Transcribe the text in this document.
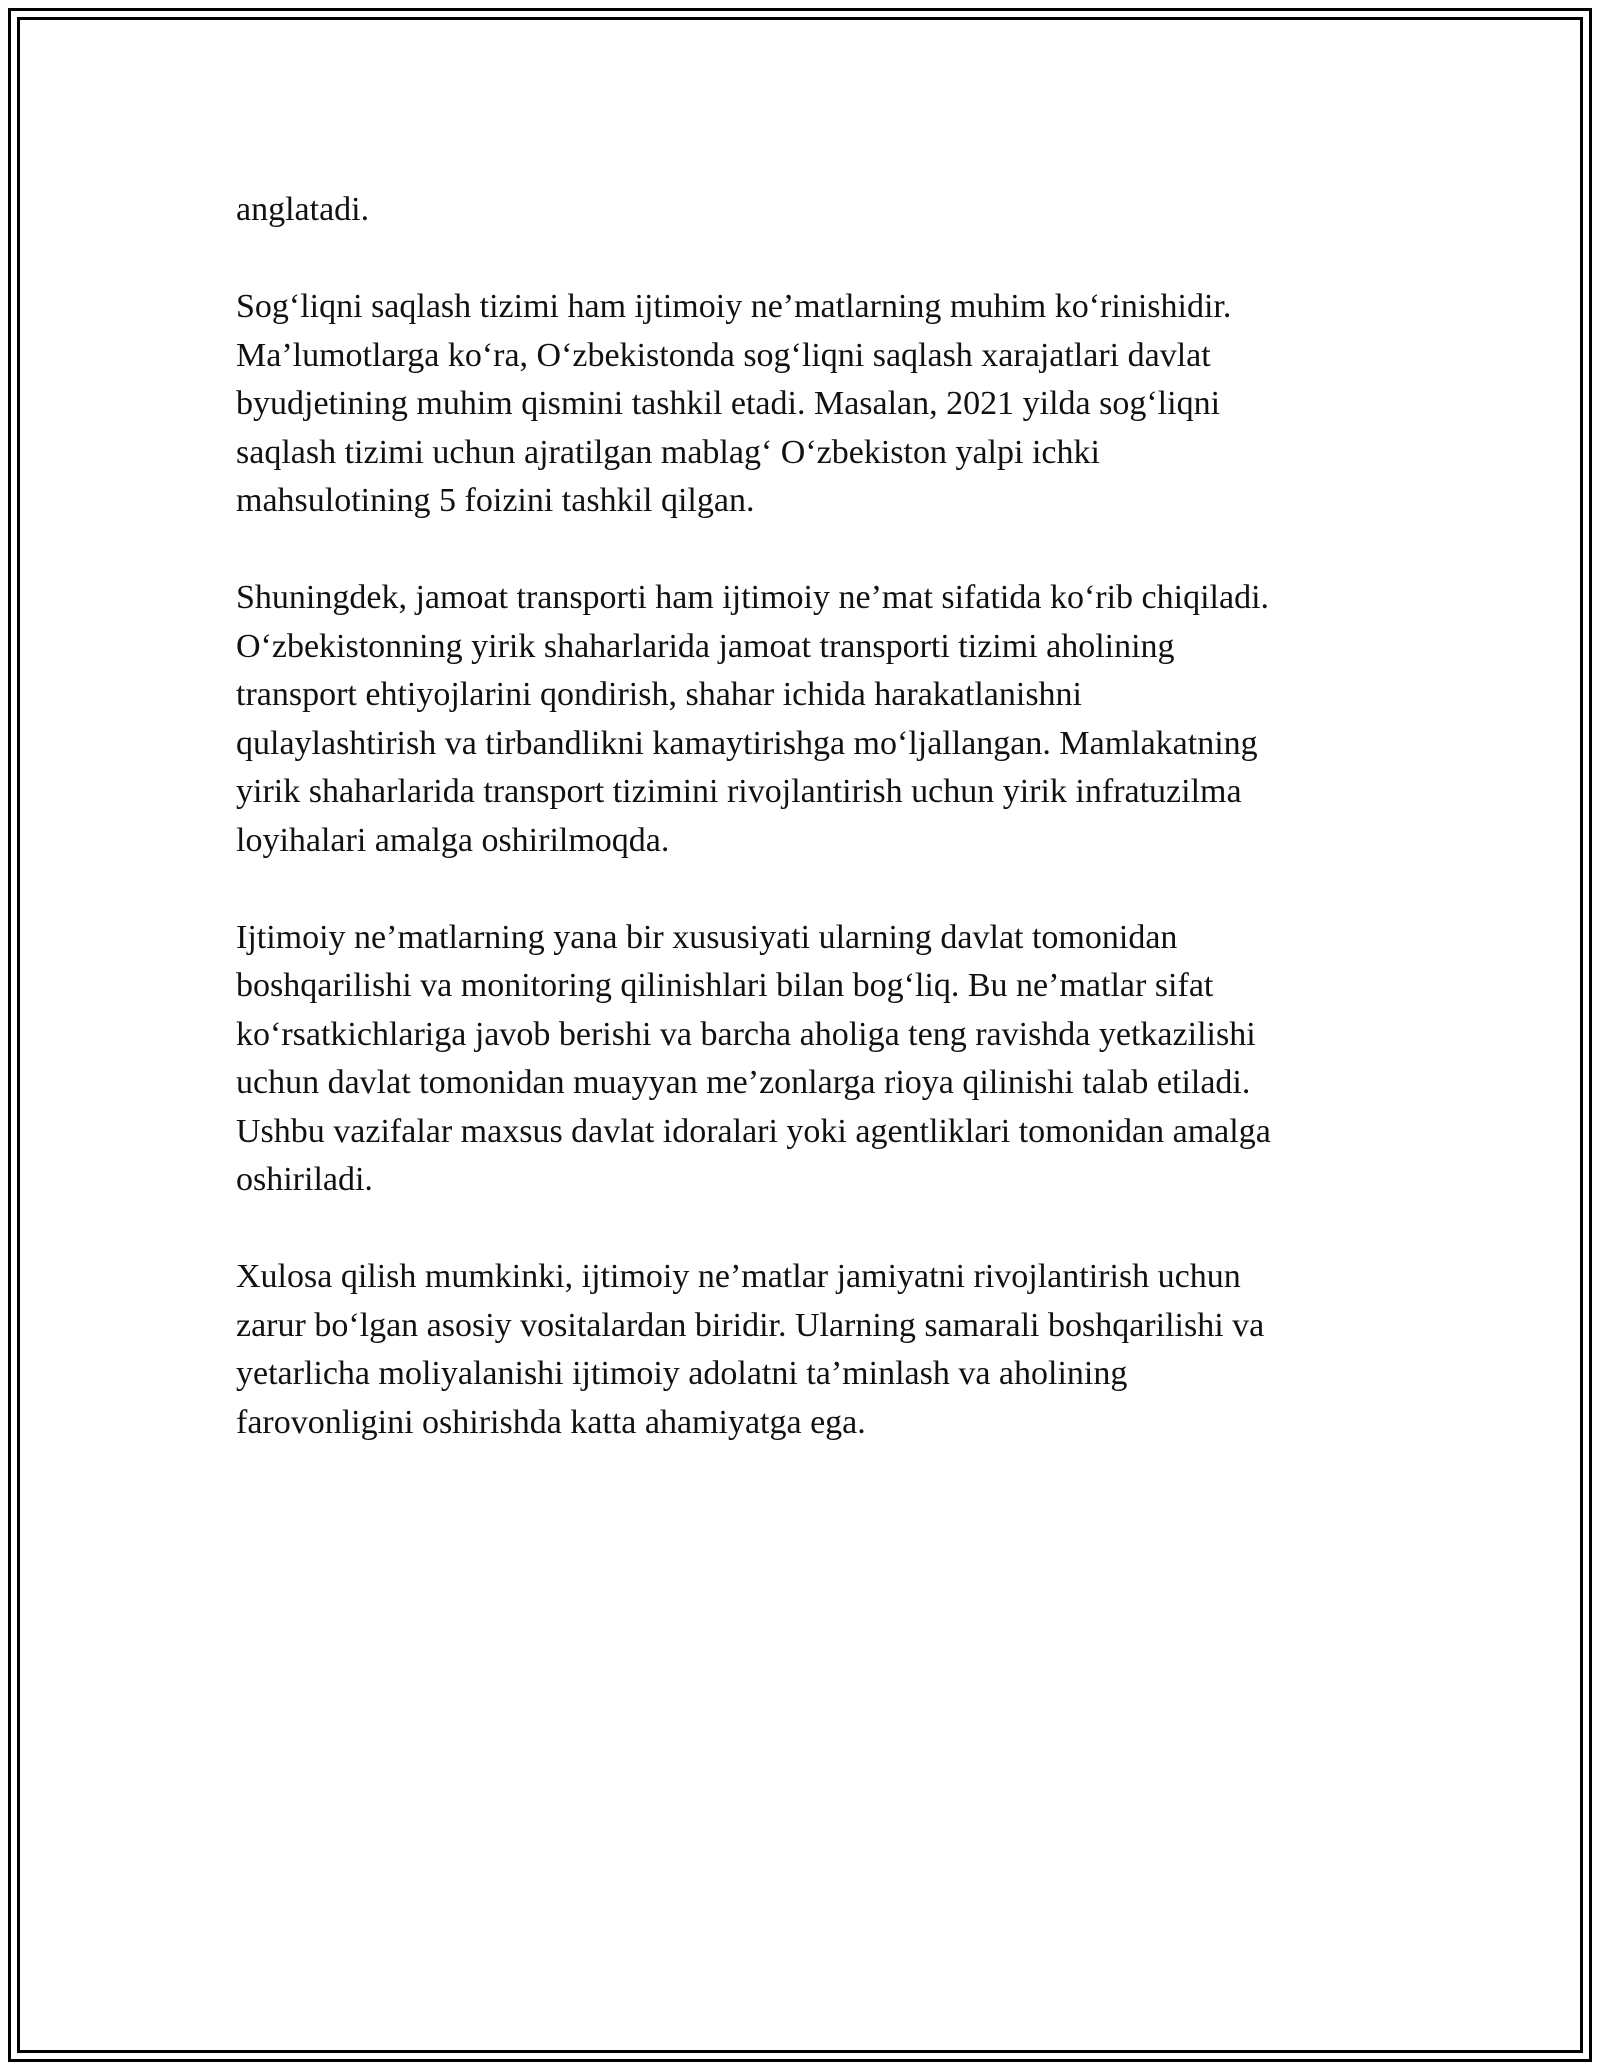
anglatadi.

Sog‘liqni saqlash tizimi ham ijtimoiy ne’matlarning muhim ko‘rinishidir.
Ma’lumotlarga ko‘ra, O‘zbekistonda sog‘liqni saqlash xarajatlari davlat
byudjetining muhim qismini tashkil etadi. Masalan, 2021 yilda sog‘liqni
saqlash tizimi uchun ajratilgan mablag‘ O‘zbekiston yalpi ichki
mahsulotining 5 foizini tashkil qilgan.

Shuningdek, jamoat transporti ham ijtimoiy ne’mat sifatida ko‘rib chiqiladi.
O‘zbekistonning yirik shaharlarida jamoat transporti tizimi aholining
transport ehtiyojlarini qondirish, shahar ichida harakatlanishni
qulaylashtirish va tirbandlikni kamaytirishga mo‘ljallangan. Mamlakatning
yirik shaharlarida transport tizimini rivojlantirish uchun yirik infratuzilma
loyihalari amalga oshirilmoqda.

Ijtimoiy ne’matlarning yana bir xususiyati ularning davlat tomonidan
boshqarilishi va monitoring qilinishlari bilan bog‘liq. Bu ne’matlar sifat
ko‘rsatkichlariga javob berishi va barcha aholiga teng ravishda yetkazilishi
uchun davlat tomonidan muayyan me’zonlarga rioya qilinishi talab etiladi.
Ushbu vazifalar maxsus davlat idoralari yoki agentliklari tomonidan amalga
oshiriladi.

Xulosa qilish mumkinki, ijtimoiy ne’matlar jamiyatni rivojlantirish uchun
zarur bo‘lgan asosiy vositalardan biridir. Ularning samarali boshqarilishi va
yetarlicha moliyalanishi ijtimoiy adolatni ta’minlash va aholining
farovonligini oshirishda katta ahamiyatga ega.
